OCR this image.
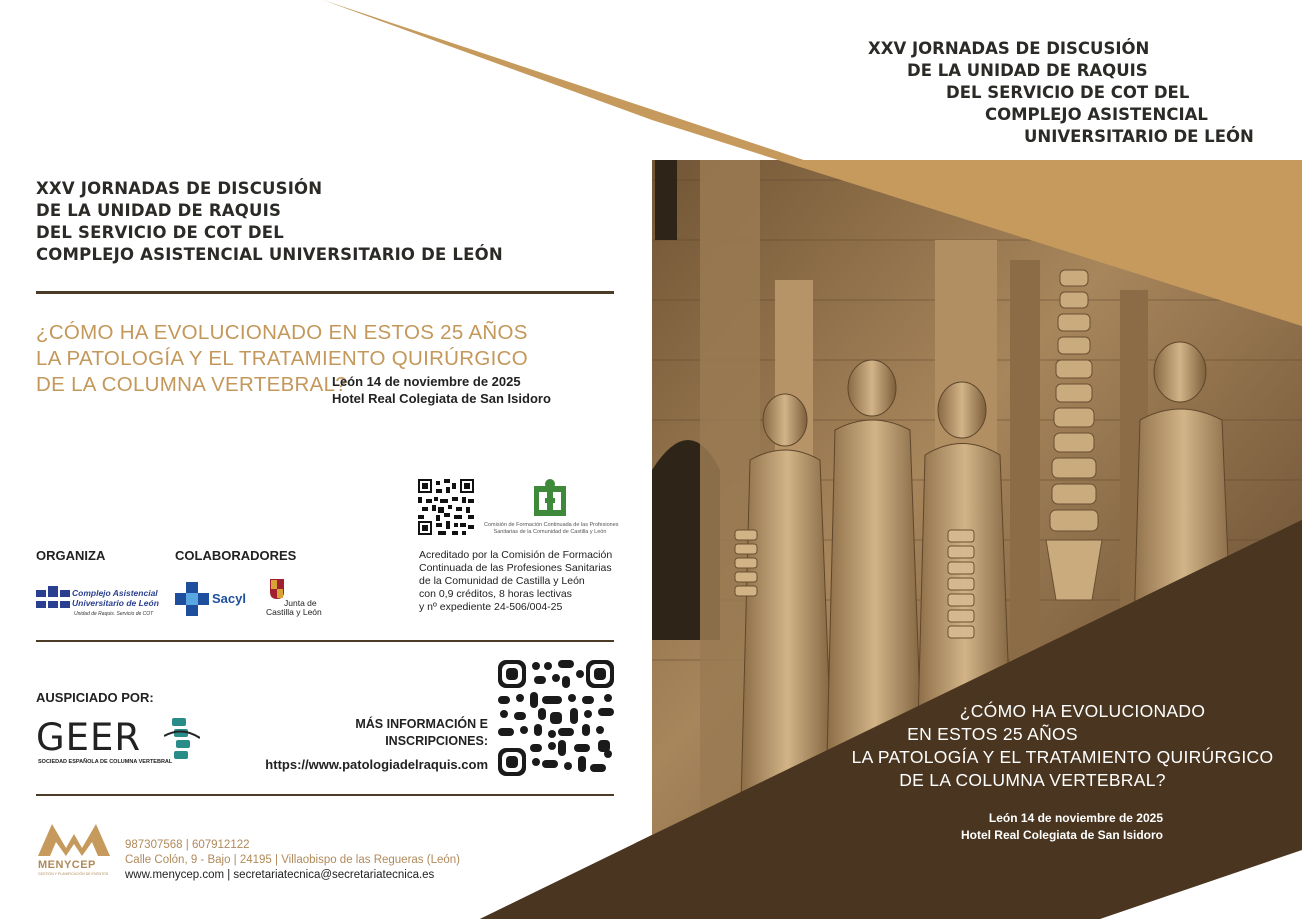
XXV JORNADAS DE DISCUSIÓN
DE LA UNIDAD DE RAQUIS
DEL SERVICIO DE COT DEL
COMPLEJO ASISTENCIAL
UNIVERSITARIO DE LEÓN
¿CÓMO HA EVOLUCIONADO
EN ESTOS 25 AÑOS
LA PATOLOGÍA Y EL TRATAMIENTO QUIRÚRGICO
DE LA COLUMNA VERTEBRAL?
León 14 de noviembre de 2025
Hotel Real Colegiata de San Isidoro
XXV JORNADAS DE DISCUSIÓN
DE LA UNIDAD DE RAQUIS
DEL SERVICIO DE COT DEL
COMPLEJO ASISTENCIAL UNIVERSITARIO DE LEÓN
¿CÓMO HA EVOLUCIONADO EN ESTOS 25 AÑOS
LA PATOLOGÍA Y EL TRATAMIENTO QUIRÚRGICO
DE LA COLUMNA VERTEBRAL?
León 14 de noviembre de 2025
Hotel Real Colegiata de San Isidoro
Comisión de Formación Continuada de las Profesiones
Sanitarias de la Comunidad de Castilla y León
ORGANIZA	COLABORADORES	Acreditado por la Comisión de Formación
Continuada de las Profesiones Sanitarias
de la Comunidad de Castilla y León
con 0,9 créditos, 8 horas lectivas
y nº expediente 24-506/004-25
Complejo Asistencial
Universitario de León
Unidad de Raquis. Servicio de COT
Sacyl	Junta de
Castilla y León
AUSPICIADO POR:
GEER
SOCIEDAD ESPAÑOLA DE COLUMNA VERTEBRAL
MÁS INFORMACIÓN E
INSCRIPCIONES:
https://www.patologiadelraquis.com
MENYCEP
GESTIÓN Y PLANIFICACIÓN DE EVENTOS
987307568 | 607912122
Calle Colón, 9 - Bajo | 24195 | Villaobispo de las Regueras (León)
www.menycep.com | secretariatecnica@secretariatecnica.es
